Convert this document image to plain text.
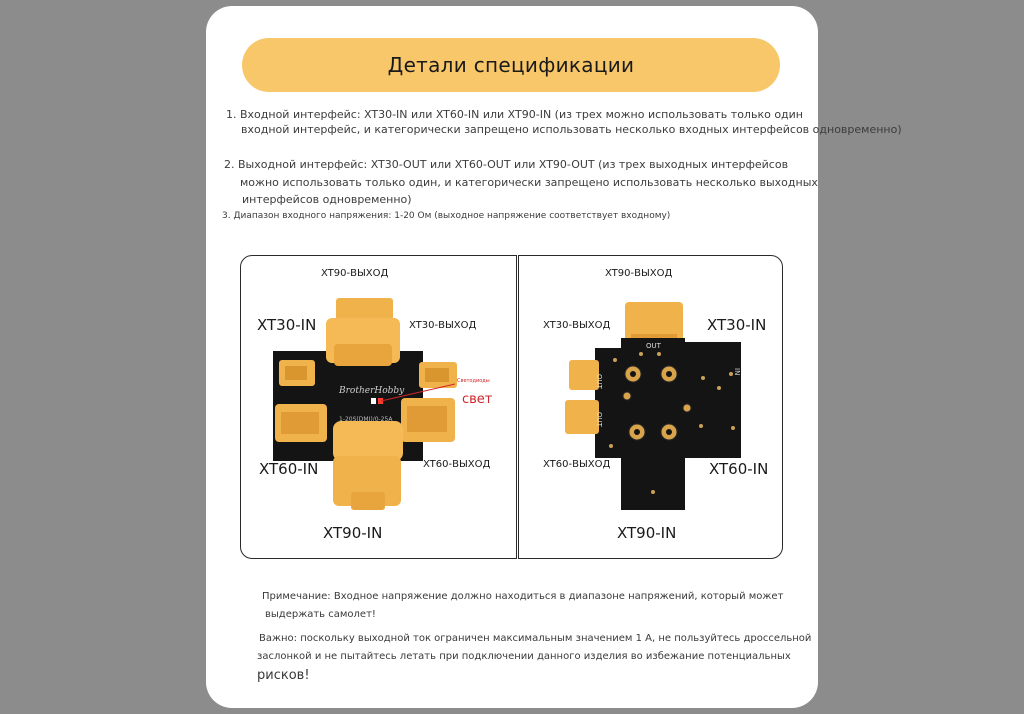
Детали спецификации
1. Входной интерфейс: XT30-IN или XT60-IN или XT90-IN (из трех можно использовать только один
входной интерфейс, и категорически запрещено использовать несколько входных интерфейсов одновременно)
2. Выходной интерфейс: XT30-OUT или XT60-OUT или XT90-OUT (из трех выходных интерфейсов
можно использовать только один, и категорически запрещено использовать несколько выходных
интерфейсов одновременно)
3. Диапазон входного напряжения: 1-20 Ом (выходное напряжение соответствует входному)
BrotherHobby
1-20S(DMI)/0-25A
XT90-ВЫХОД
XT30-IN	XT30-ВЫХОД
Светодиоды
свет
XT60-IN	XT60-ВЫХОД
XT90-IN
OUT
OUT
OUT
IN
XT90-ВЫХОД
XT30-ВЫХОД	XT30-IN
XT60-ВЫХОД	XT60-IN
XT90-IN
Примечание: Входное напряжение должно находиться в диапазоне напряжений, который может
выдержать самолет!
Важно: поскольку выходной ток ограничен максимальным значением 1 А, не пользуйтесь дроссельной
заслонкой и не пытайтесь летать при подключении данного изделия во избежание потенциальных
рисков!
